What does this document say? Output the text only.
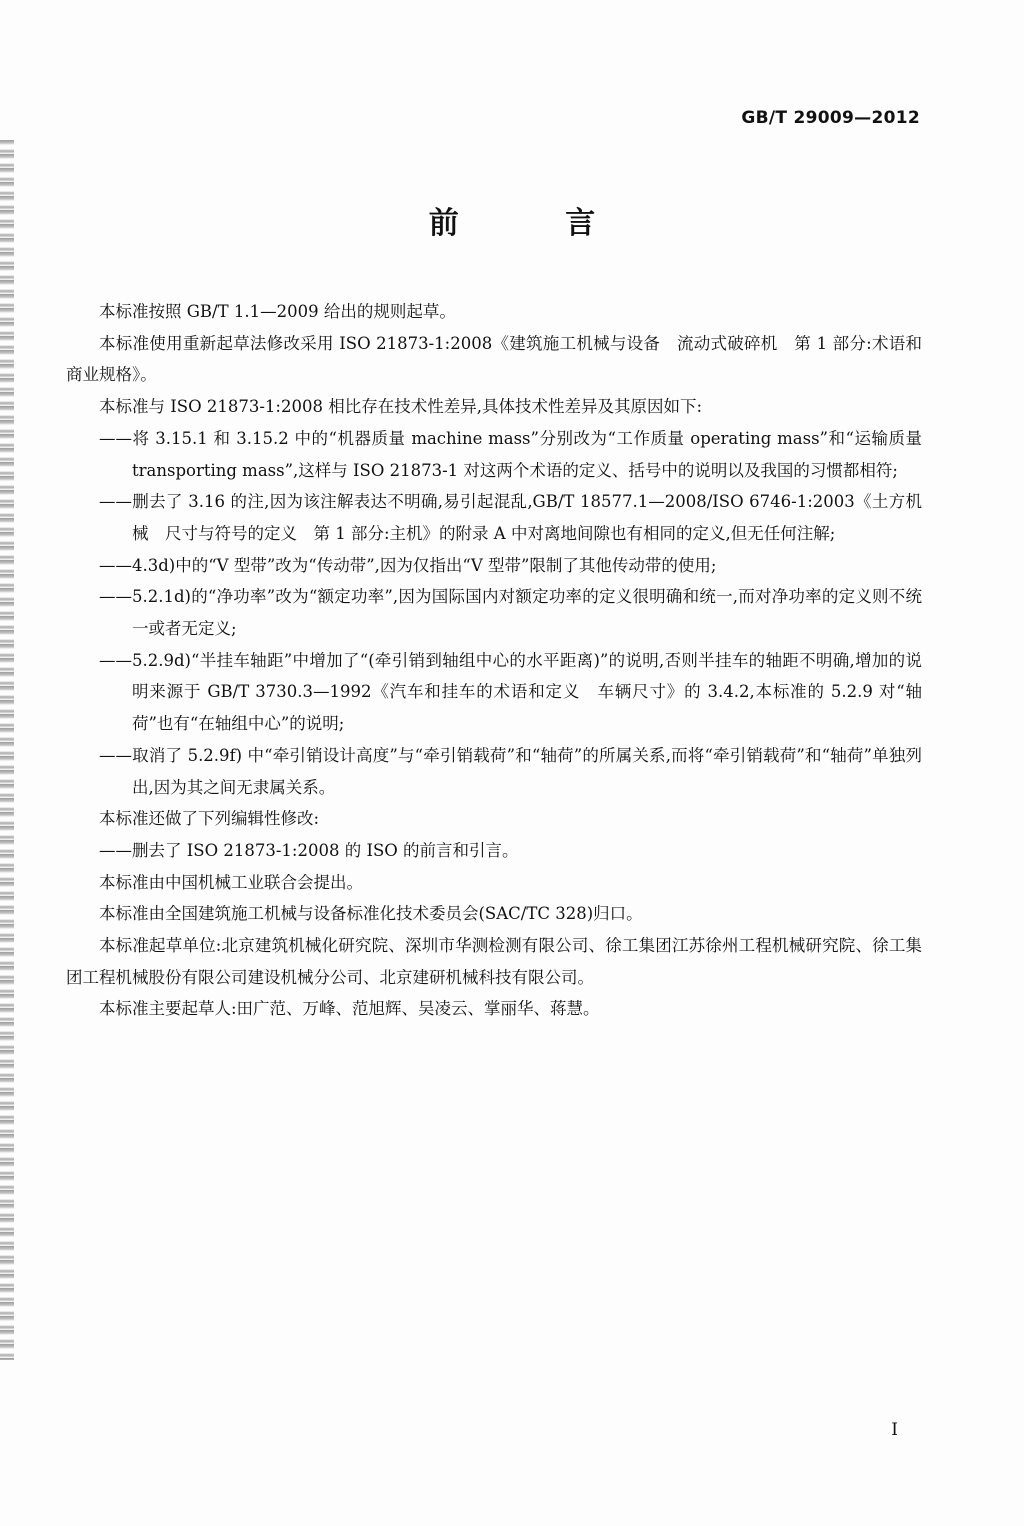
GB/T 29009—2012
前 言

本标准按照 GB/T 1.1—2009 给出的规则起草。

本标准使用重新起草法修改采用 ISO 21873-1:2008《建筑施工机械与设备　流动式破碎机　第 1 部分:术语和商业规格》。

本标准与 ISO 21873-1:2008 相比存在技术性差异,具体技术性差异及其原因如下:

——将 3.15.1 和 3.15.2 中的“机器质量 machine mass”分别改为“工作质量 operating mass”和“运输质量 transporting mass”,这样与 ISO 21873-1 对这两个术语的定义、括号中的说明以及我国的习惯都相符;

——删去了 3.16 的注,因为该注解表达不明确,易引起混乱,GB/T 18577.1—2008/ISO 6746-1:2003《土方机械　尺寸与符号的定义　第 1 部分:主机》的附录 A 中对离地间隙也有相同的定义,但无任何注解;

——4.3d)中的“V 型带”改为“传动带”,因为仅指出“V 型带”限制了其他传动带的使用;

——5.2.1d)的“净功率”改为“额定功率”,因为国际国内对额定功率的定义很明确和统一,而对净功率的定义则不统一或者无定义;

——5.2.9d)“半挂车轴距”中增加了“(牵引销到轴组中心的水平距离)”的说明,否则半挂车的轴距不明确,增加的说明来源于 GB/T 3730.3—1992《汽车和挂车的术语和定义　车辆尺寸》的 3.4.2,本标准的 5.2.9 对“轴荷”也有“在轴组中心”的说明;

——取消了 5.2.9f) 中“牵引销设计高度”与“牵引销载荷”和“轴荷”的所属关系,而将“牵引销载荷”和“轴荷”单独列出,因为其之间无隶属关系。

本标准还做了下列编辑性修改:

——删去了 ISO 21873-1:2008 的 ISO 的前言和引言。

本标准由中国机械工业联合会提出。

本标准由全国建筑施工机械与设备标准化技术委员会(SAC/TC 328)归口。

本标准起草单位:北京建筑机械化研究院、深圳市华测检测有限公司、徐工集团江苏徐州工程机械研究院、徐工集团工程机械股份有限公司建设机械分公司、北京建研机械科技有限公司。

本标准主要起草人:田广范、万峰、范旭辉、吴凌云、掌丽华、蒋慧。

I
